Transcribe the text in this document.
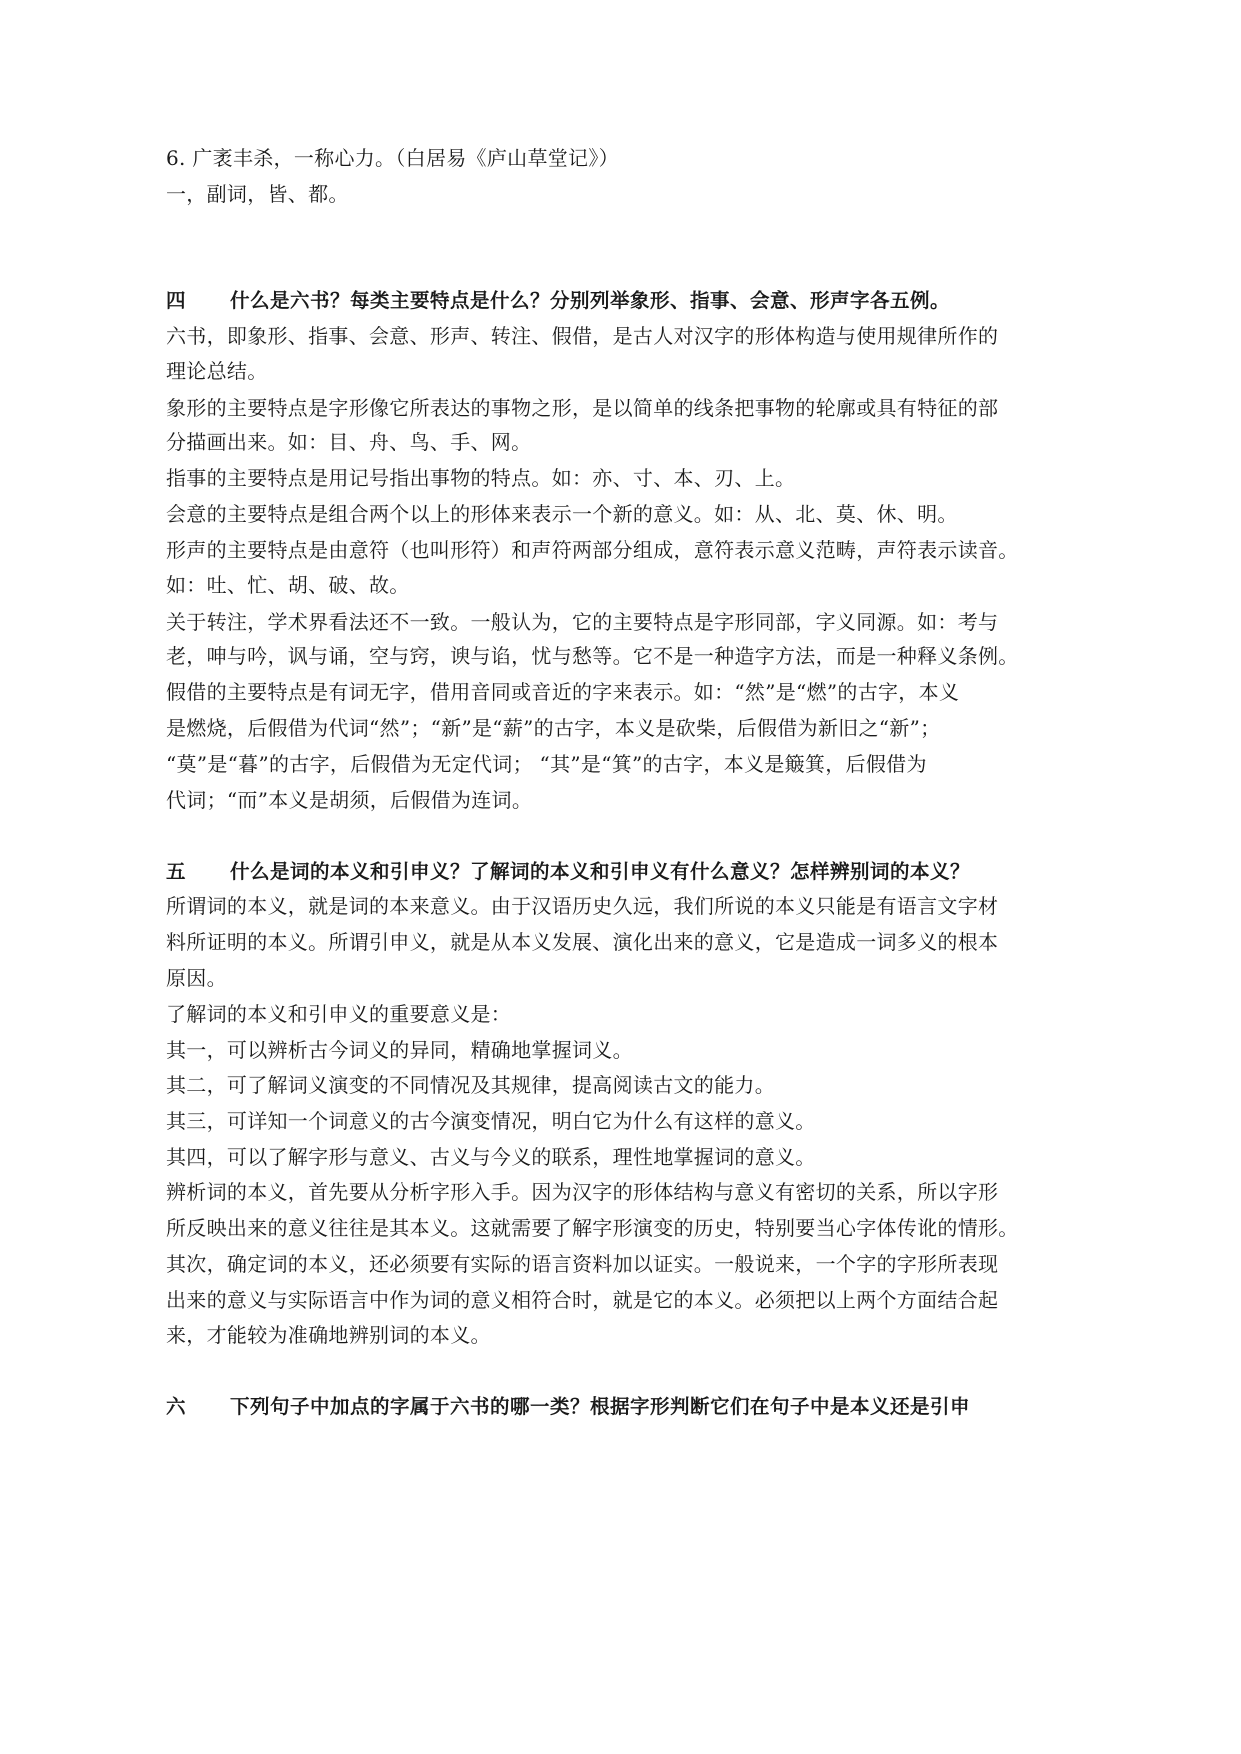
6. 广袤丰杀，一称心力。（白居易《庐山草堂记》）
一，副词，皆、都。
四 什么是六书？每类主要特点是什么？分别列举象形、指事、会意、形声字各五例。
六书，即象形、指事、会意、形声、转注、假借，是古人对汉字的形体构造与使用规律所作的
理论总结。
象形的主要特点是字形像它所表达的事物之形，是以简单的线条把事物的轮廓或具有特征的部
分描画出来。如：目、舟、鸟、手、网。
指事的主要特点是用记号指出事物的特点。如：亦、寸、本、刃、上。
会意的主要特点是组合两个以上的形体来表示一个新的意义。如：从、北、莫、休、明。
形声的主要特点是由意符（也叫形符）和声符两部分组成，意符表示意义范畴，声符表示读音。
如：吐、忙、胡、破、故。
关于转注，学术界看法还不一致。一般认为，它的主要特点是字形同部，字义同源。如：考与
老，呻与吟，讽与诵，空与窍，谀与谄，忧与愁等。它不是一种造字方法，而是一种释义条例。
假借的主要特点是有词无字，借用音同或音近的字来表示。如：“然”是“燃”的古字，本义
是燃烧，后假借为代词“然”；“新”是“薪”的古字，本义是砍柴，后假借为新旧之“新”；
“莫”是“暮”的古字，后假借为无定代词； “其”是“箕”的古字，本义是簸箕，后假借为
代词；“而”本义是胡须，后假借为连词。
五 什么是词的本义和引申义？了解词的本义和引申义有什么意义？怎样辨别词的本义？
所谓词的本义，就是词的本来意义。由于汉语历史久远，我们所说的本义只能是有语言文字材
料所证明的本义。所谓引申义，就是从本义发展、演化出来的意义，它是造成一词多义的根本
原因。
了解词的本义和引申义的重要意义是：
其一，可以辨析古今词义的异同，精确地掌握词义。
其二，可了解词义演变的不同情况及其规律，提高阅读古文的能力。
其三，可详知一个词意义的古今演变情况，明白它为什么有这样的意义。
其四，可以了解字形与意义、古义与今义的联系，理性地掌握词的意义。
辨析词的本义，首先要从分析字形入手。因为汉字的形体结构与意义有密切的关系，所以字形
所反映出来的意义往往是其本义。这就需要了解字形演变的历史，特别要当心字体传讹的情形。
其次，确定词的本义，还必须要有实际的语言资料加以证实。一般说来，一个字的字形所表现
出来的意义与实际语言中作为词的意义相符合时，就是它的本义。必须把以上两个方面结合起
来，才能较为准确地辨别词的本义。
六 下列句子中加点的字属于六书的哪一类？根据字形判断它们在句子中是本义还是引申
